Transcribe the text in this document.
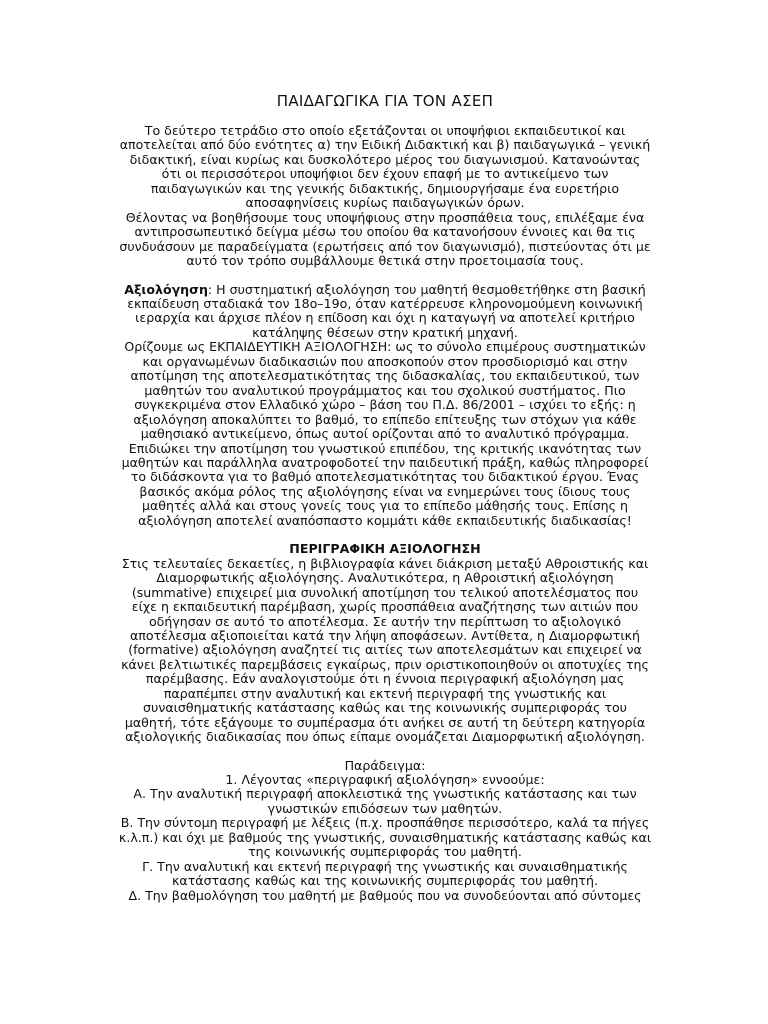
ΠΑΙΔΑΓΩΓΙΚΑ ΓΙΑ ΤΟΝ ΑΣΕΠ

Το δεύτερο τετράδιο στο οποίο εξετάζονται οι υποψήφιοι εκπαιδευτικοί και αποτελείται από δύο ενότητες α) την Ειδική Διδακτική και β) παιδαγωγικά – γενική διδακτική, είναι κυρίως και δυσκολότερο μέρος του διαγωνισμού. Κατανοώντας ότι οι περισσότεροι υποψήφιοι δεν έχουν επαφή με το αντικείμενο των παιδαγωγικών και της γενικής διδακτικής, δημιουργήσαμε ένα ευρετήριο αποσαφηνίσεις κυρίως παιδαγωγικών όρων.

Θέλοντας να βοηθήσουμε τους υποψήφιους στην προσπάθεια τους, επιλέξαμε ένα αντιπροσωπευτικό δείγμα μέσω του οποίου θα κατανοήσουν έννοιες και θα τις συνδυάσουν με παραδείγματα (ερωτήσεις από τον διαγωνισμό), πιστεύοντας ότι με αυτό τον τρόπο συμβάλλουμε θετικά στην προετοιμασία τους.

Αξιολόγηση: Η συστηματική αξιολόγηση του μαθητή θεσμοθετήθηκε στη βασική εκπαίδευση σταδιακά τον 18ο–19ο, όταν κατέρρευσε κληρονομούμενη κοινωνική ιεραρχία και άρχισε πλέον η επίδοση και όχι η καταγωγή να αποτελεί κριτήριο κατάληψης θέσεων στην κρατική μηχανή.

Ορίζουμε ως ΕΚΠΑΙΔΕΥΤΙΚΗ ΑΞΙΟΛΟΓΗΣΗ: ως το σύνολο επιμέρους συστηματικών και οργανωμένων διαδικασιών που αποσκοπούν στον προσδιορισμό και στην αποτίμηση της αποτελεσματικότητας της διδασκαλίας, του εκπαιδευτικού, των μαθητών του αναλυτικού προγράμματος και του σχολικού συστήματος. Πιο συγκεκριμένα στον Ελλαδικό χώρο – βάση του Π.Δ. 86/2001 – ισχύει το εξής: η αξιολόγηση αποκαλύπτει το βαθμό, το επίπεδο επίτευξης των στόχων για κάθε μαθησιακό αντικείμενο, όπως αυτοί ορίζονται από το αναλυτικό πρόγραμμα. Επιδιώκει την αποτίμηση του γνωστικού επιπέδου, της κριτικής ικανότητας των μαθητών και παράλληλα ανατροφοδοτεί την παιδευτική πράξη, καθώς πληροφορεί το διδάσκοντα για το βαθμό αποτελεσματικότητας του διδακτικού έργου. Ένας βασικός ακόμα ρόλος της αξιολόγησης είναι να ενημερώνει τους ίδιους τους μαθητές αλλά και στους γονείς τους για το επίπεδο μάθησής τους. Επίσης η αξιολόγηση αποτελεί αναπόσπαστο κομμάτι κάθε εκπαιδευτικής διαδικασίας!

ΠΕΡΙΓΡΑΦΙΚΗ ΑΞΙΟΛΟΓΗΣΗ

Στις τελευταίες δεκαετίες, η βιβλιογραφία κάνει διάκριση μεταξύ Αθροιστικής και Διαμορφωτικής αξιολόγησης. Αναλυτικότερα, η Αθροιστική αξιολόγηση (summative) επιχειρεί μια συνολική αποτίμηση του τελικού αποτελέσματος που είχε η εκπαιδευτική παρέμβαση, χωρίς προσπάθεια αναζήτησης των αιτιών που οδήγησαν σε αυτό το αποτέλεσμα. Σε αυτήν την περίπτωση το αξιολογικό αποτέλεσμα αξιοποιείται κατά την λήψη αποφάσεων. Αντίθετα, η Διαμορφωτική (formative) αξιολόγηση αναζητεί τις αιτίες των αποτελεσμάτων και επιχειρεί να κάνει βελτιωτικές παρεμβάσεις εγκαίρως, πριν οριστικοποιηθούν οι αποτυχίες της παρέμβασης. Εάν αναλογιστούμε ότι η έννοια περιγραφική αξιολόγηση μας παραπέμπει στην αναλυτική και εκτενή περιγραφή της γνωστικής και συναισθηματικής κατάστασης καθώς και της κοινωνικής συμπεριφοράς του μαθητή, τότε εξάγουμε το συμπέρασμα ότι ανήκει σε αυτή τη δεύτερη κατηγορία αξιολογικής διαδικασίας που όπως είπαμε ονομάζεται Διαμορφωτική αξιολόγηση.

Παράδειγμα:

1. Λέγοντας «περιγραφική αξιολόγηση» εννοούμε:

Α. Την αναλυτική περιγραφή αποκλειστικά της γνωστικής κατάστασης και των γνωστικών επιδόσεων των μαθητών.

Β. Την σύντομη περιγραφή με λέξεις (π.χ. προσπάθησε περισσότερο, καλά τα πήγες κ.λ.π.) και όχι με βαθμούς της γνωστικής, συναισθηματικής κατάστασης καθώς και της κοινωνικής συμπεριφοράς του μαθητή.

Γ. Την αναλυτική και εκτενή περιγραφή της γνωστικής και συναισθηματικής κατάστασης καθώς και της κοινωνικής συμπεριφοράς του μαθητή.

Δ. Την βαθμολόγηση του μαθητή με βαθμούς που να συνοδεύονται από σύντομες
